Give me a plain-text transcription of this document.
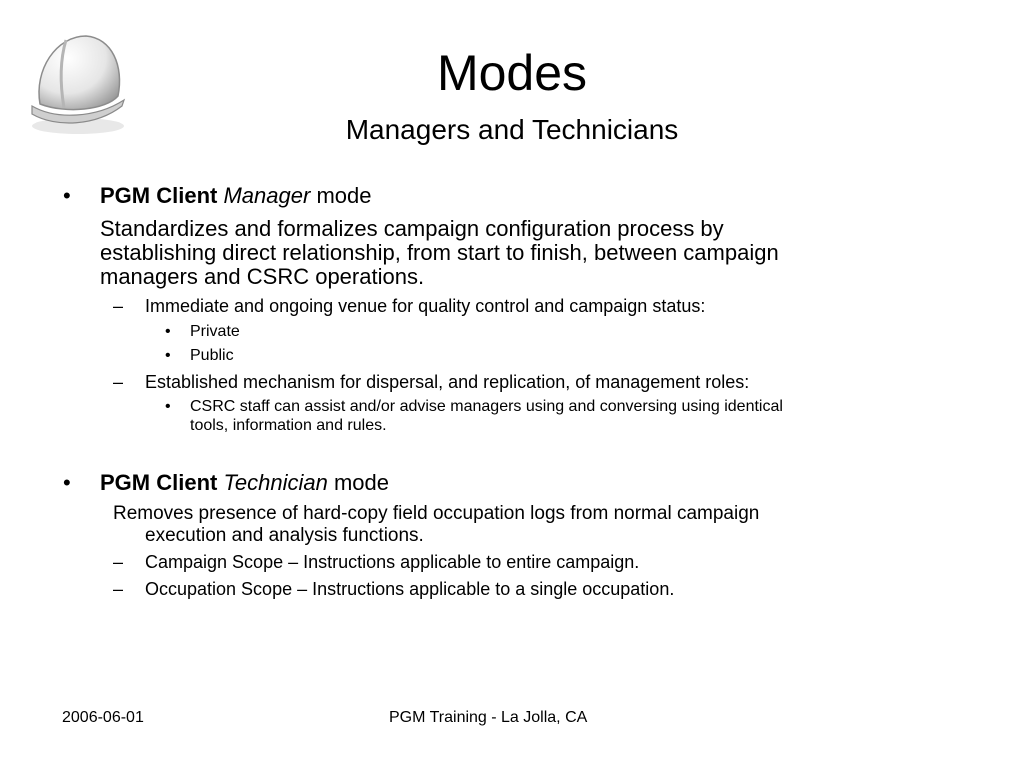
Modes
Managers and Technicians
• PGM Client Manager mode
Standardizes and formalizes campaign configuration process by
establishing direct relationship, from start to finish, between campaign
managers and CSRC operations.
– Immediate and ongoing venue for quality control and campaign status:
• Private
• Public
– Established mechanism for dispersal, and replication, of management roles:
• CSRC staff can assist and/or advise managers using and conversing using identical
tools, information and rules.
• PGM Client Technician mode
Removes presence of hard-copy field occupation logs from normal campaign
execution and analysis functions.
– Campaign Scope – Instructions applicable to entire campaign.
– Occupation Scope – Instructions applicable to a single occupation.
2006-06-01	PGM Training - La Jolla, CA
